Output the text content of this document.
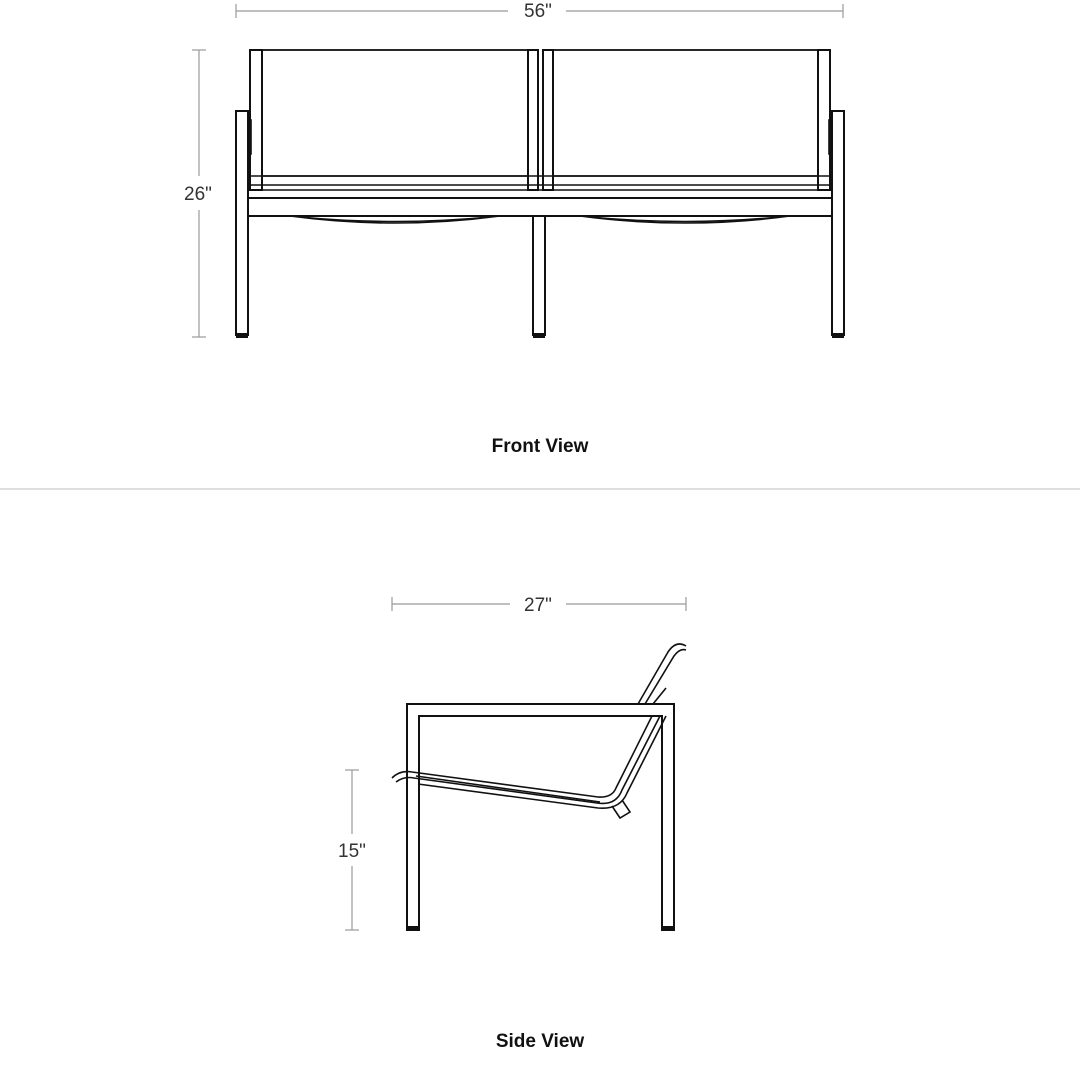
56"
26"
Front View
27"
15"
Side View
